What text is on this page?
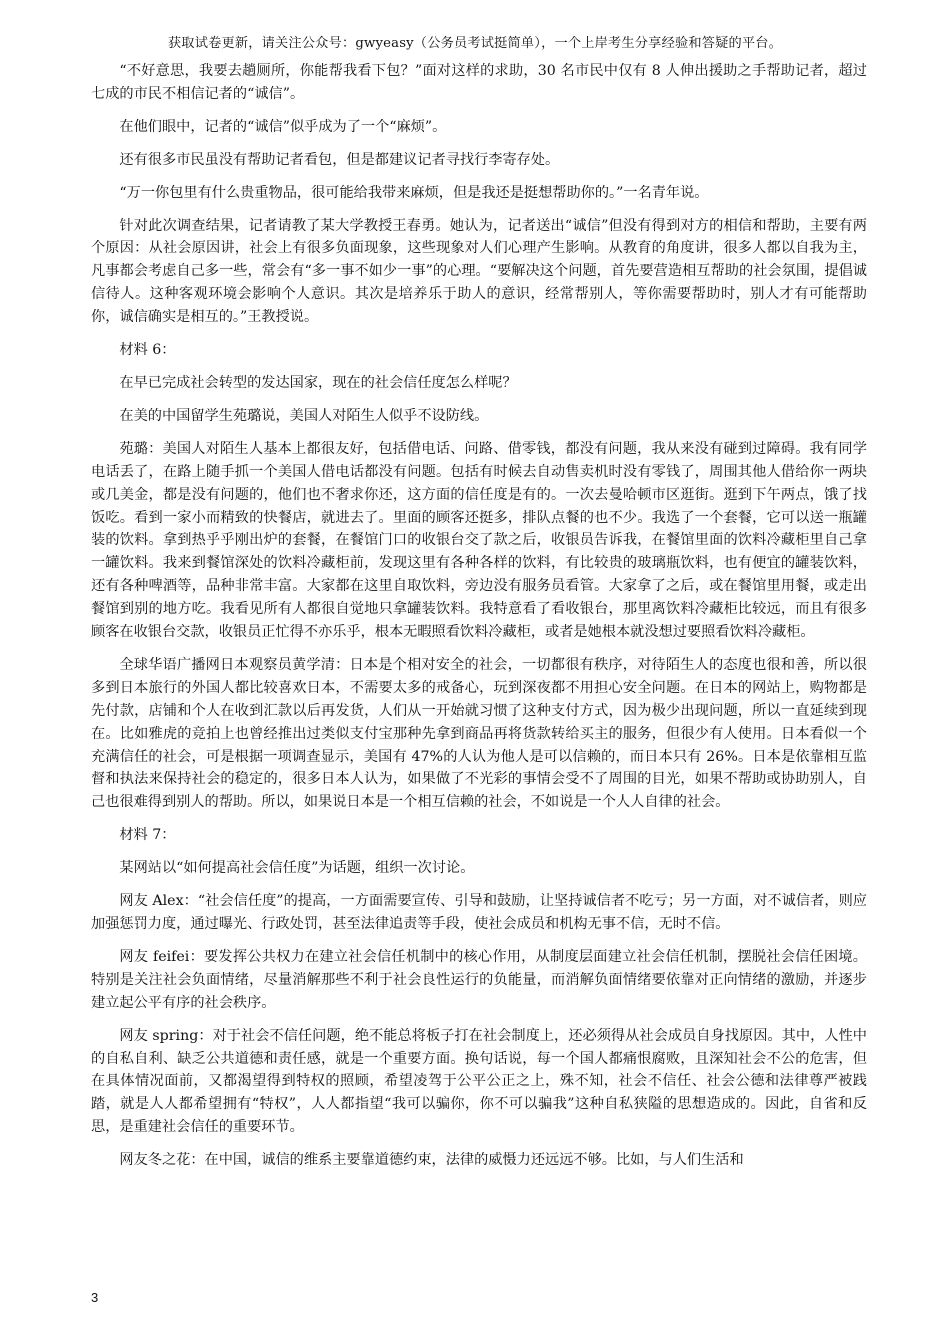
获取试卷更新，请关注公众号：gwyeasy（公务员考试挺简单），一个上岸考生分享经验和答疑的平台。

“不好意思，我要去趟厕所，你能帮我看下包？”面对这样的求助，30 名市民中仅有 8 人伸出援助之手帮助记者，超过七成的市民不相信记者的“诚信”。

在他们眼中，记者的“诚信”似乎成为了一个“麻烦”。

还有很多市民虽没有帮助记者看包，但是都建议记者寻找行李寄存处。

“万一你包里有什么贵重物品，很可能给我带来麻烦，但是我还是挺想帮助你的。”一名青年说。

针对此次调查结果，记者请教了某大学教授王春勇。她认为，记者送出“诚信”但没有得到对方的相信和帮助，主要有两个原因：从社会原因讲，社会上有很多负面现象，这些现象对人们心理产生影响。从教育的角度讲，很多人都以自我为主，凡事都会考虑自己多一些，常会有“多一事不如少一事”的心理。“要解决这个问题，首先要营造相互帮助的社会氛围，提倡诚信待人。这种客观环境会影响个人意识。其次是培养乐于助人的意识，经常帮别人，等你需要帮助时，别人才有可能帮助你，诚信确实是相互的。”王教授说。

材料 6：

在早已完成社会转型的发达国家，现在的社会信任度怎么样呢？

在美的中国留学生苑璐说，美国人对陌生人似乎不设防线。

苑璐：美国人对陌生人基本上都很友好，包括借电话、问路、借零钱，都没有问题，我从来没有碰到过障碍。我有同学电话丢了，在路上随手抓一个美国人借电话都没有问题。包括有时候去自动售卖机时没有零钱了，周围其他人借给你一两块或几美金，都是没有问题的，他们也不奢求你还，这方面的信任度是有的。一次去曼哈顿市区逛街。逛到下午两点，饿了找饭吃。看到一家小而精致的快餐店，就进去了。里面的顾客还挺多，排队点餐的也不少。我选了一个套餐，它可以送一瓶罐装的饮料。拿到热乎乎刚出炉的套餐，在餐馆门口的收银台交了款之后，收银员告诉我，在餐馆里面的饮料冷藏柜里自己拿一罐饮料。我来到餐馆深处的饮料冷藏柜前，发现这里有各种各样的饮料，有比较贵的玻璃瓶饮料，也有便宜的罐装饮料，还有各种啤酒等，品种非常丰富。大家都在这里自取饮料，旁边没有服务员看管。大家拿了之后，或在餐馆里用餐，或走出餐馆到别的地方吃。我看见所有人都很自觉地只拿罐装饮料。我特意看了看收银台，那里离饮料冷藏柜比较远，而且有很多顾客在收银台交款，收银员正忙得不亦乐乎，根本无暇照看饮料冷藏柜，或者是她根本就没想过要照看饮料冷藏柜。

全球华语广播网日本观察员黄学清：日本是个相对安全的社会，一切都很有秩序，对待陌生人的态度也很和善，所以很多到日本旅行的外国人都比较喜欢日本，不需要太多的戒备心，玩到深夜都不用担心安全问题。在日本的网站上，购物都是先付款，店铺和个人在收到汇款以后再发货，人们从一开始就习惯了这种支付方式，因为极少出现问题，所以一直延续到现在。比如雅虎的竞拍上也曾经推出过类似支付宝那种先拿到商品再将货款转给买主的服务，但很少有人使用。日本看似一个充满信任的社会，可是根据一项调查显示，美国有 47%的人认为他人是可以信赖的，而日本只有 26%。日本是依靠相互监督和执法来保持社会的稳定的，很多日本人认为，如果做了不光彩的事情会受不了周围的目光，如果不帮助或协助别人，自己也很难得到别人的帮助。所以，如果说日本是一个相互信赖的社会，不如说是一个人人自律的社会。

材料 7：

某网站以“如何提高社会信任度”为话题，组织一次讨论。

网友 Alex：“社会信任度”的提高，一方面需要宣传、引导和鼓励，让坚持诚信者不吃亏；另一方面，对不诚信者，则应加强惩罚力度，通过曝光、行政处罚，甚至法律追责等手段，使社会成员和机构无事不信，无时不信。

网友 feifei：要发挥公共权力在建立社会信任机制中的核心作用，从制度层面建立社会信任机制，摆脱社会信任困境。特别是关注社会负面情绪，尽量消解那些不利于社会良性运行的负能量，而消解负面情绪要依靠对正向情绪的激励，并逐步建立起公平有序的社会秩序。

网友 spring：对于社会不信任问题，绝不能总将板子打在社会制度上，还必须得从社会成员自身找原因。其中，人性中的自私自利、缺乏公共道德和责任感，就是一个重要方面。换句话说，每一个国人都痛恨腐败，且深知社会不公的危害，但在具体情况面前，又都渴望得到特权的照顾，希望凌驾于公平公正之上，殊不知，社会不信任、社会公德和法律尊严被践踏，就是人人都希望拥有“特权”，人人都指望“我可以骗你，你不可以骗我”这种自私狭隘的思想造成的。因此，自省和反思，是重建社会信任的重要环节。

网友冬之花：在中国，诚信的维系主要靠道德约束，法律的威慑力还远远不够。比如，与人们生活和

3
